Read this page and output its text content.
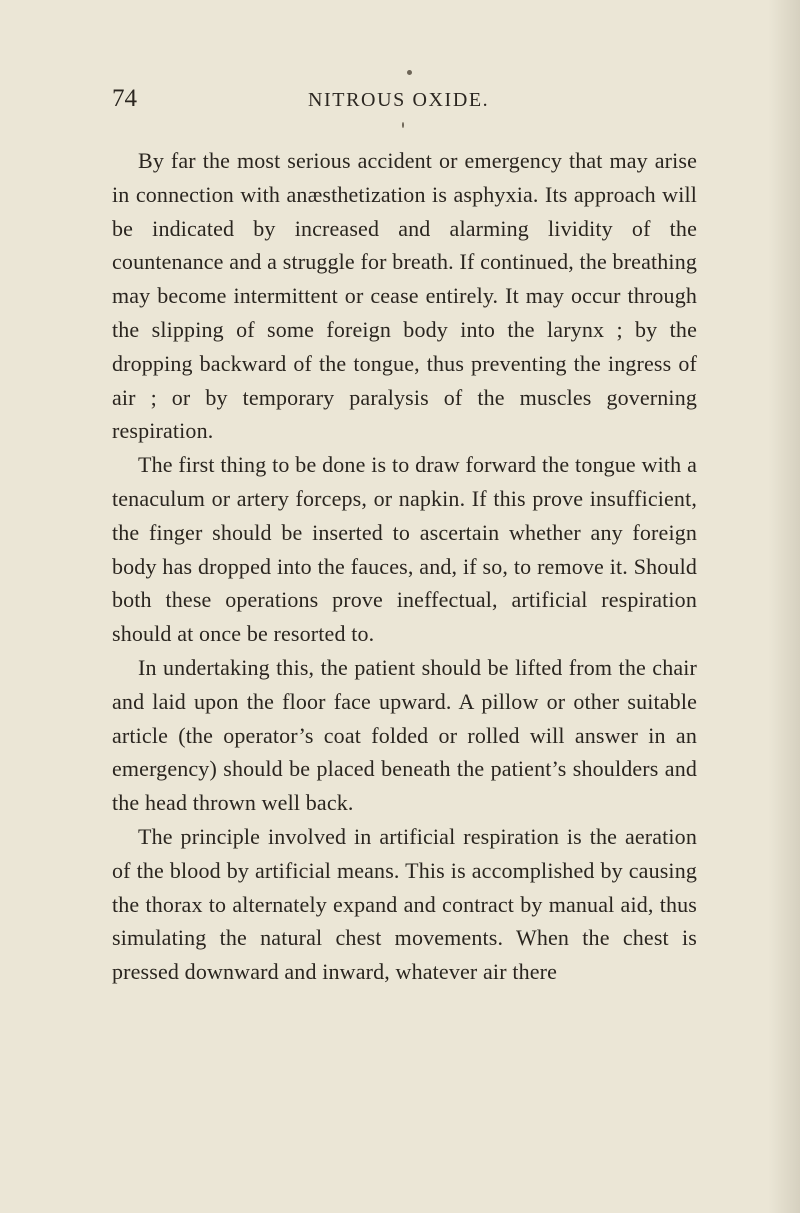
74	NITROUS OXIDE.

By far the most serious accident or emergency that may arise in connection with anæsthetization is asphyxia. Its approach will be indicated by increased and alarming lividity of the countenance and a struggle for breath. If continued, the breathing may become intermittent or cease entirely. It may occur through the slipping of some foreign body into the larynx ; by the dropping backward of the tongue, thus preventing the ingress of air ; or by temporary paralysis of the muscles governing respiration.

The first thing to be done is to draw forward the tongue with a tenaculum or artery forceps, or napkin. If this prove insufficient, the finger should be inserted to ascertain whether any foreign body has dropped into the fauces, and, if so, to remove it. Should both these operations prove ineffectual, artificial respiration should at once be resorted to.

In undertaking this, the patient should be lifted from the chair and laid upon the floor face upward. A pillow or other suitable article (the operator’s coat folded or rolled will answer in an emergency) should be placed beneath the patient’s shoulders and the head thrown well back.

The principle involved in artificial respiration is the aeration of the blood by artificial means. This is accomplished by causing the thorax to alternately expand and contract by manual aid, thus simulating the natural chest movements. When the chest is pressed downward and inward, whatever air there
